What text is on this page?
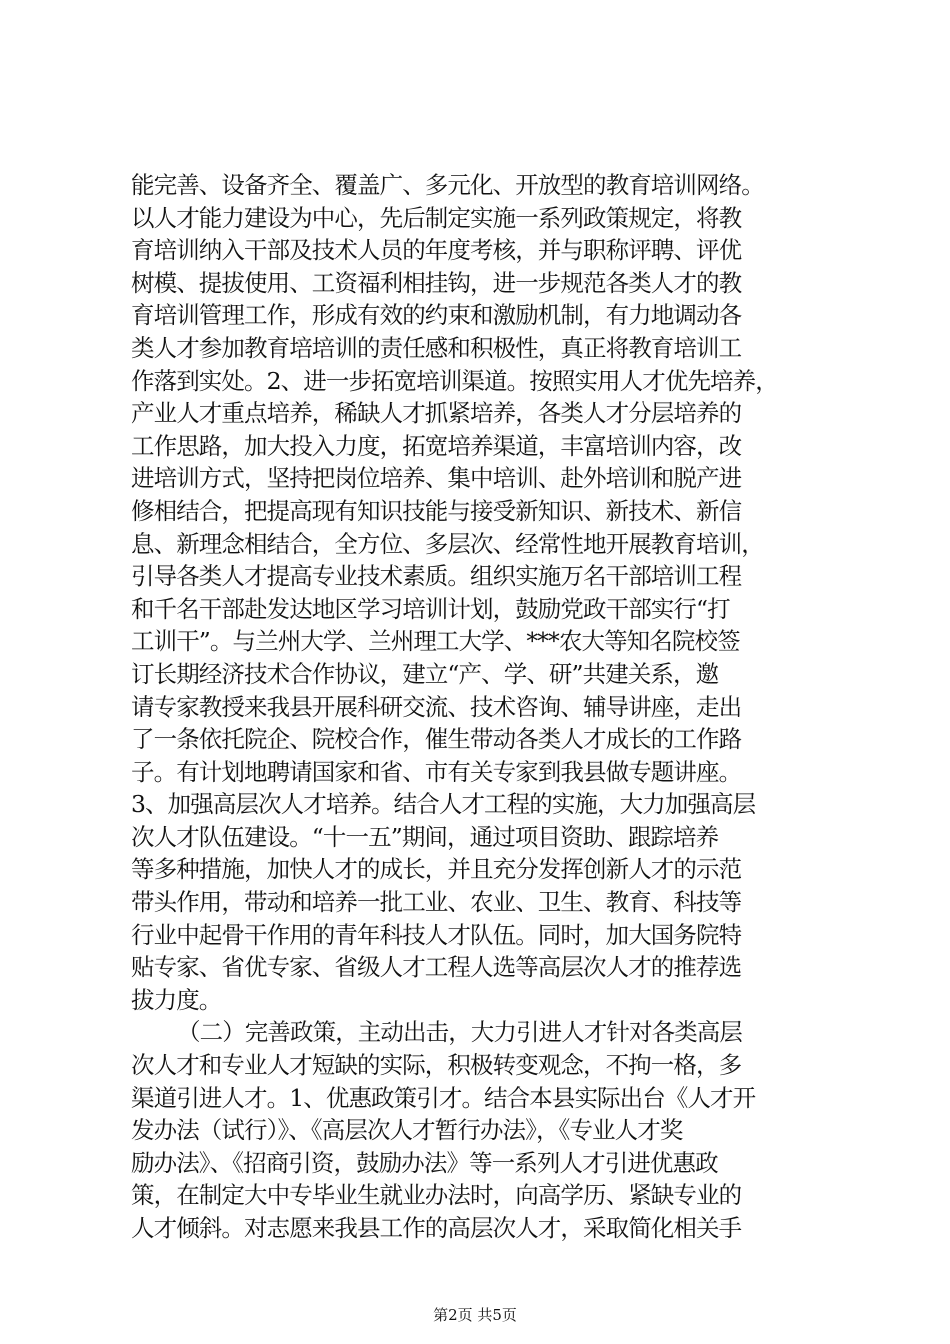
能完善、设备齐全、覆盖广、多元化、开放型的教育培训网络。
以人才能力建设为中心，先后制定实施一系列政策规定，将教
育培训纳入干部及技术人员的年度考核，并与职称评聘、评优
树模、提拔使用、工资福利相挂钩，进一步规范各类人才的教
育培训管理工作，形成有效的约束和激励机制，有力地调动各
类人才参加教育培培训的责任感和积极性，真正将教育培训工
作落到实处。2、进一步拓宽培训渠道。按照实用人才优先培养，
产业人才重点培养，稀缺人才抓紧培养，各类人才分层培养的
工作思路，加大投入力度，拓宽培养渠道，丰富培训内容，改
进培训方式，坚持把岗位培养、集中培训、赴外培训和脱产进
修相结合，把提高现有知识技能与接受新知识、新技术、新信
息、新理念相结合，全方位、多层次、经常性地开展教育培训，
引导各类人才提高专业技术素质。组织实施万名干部培训工程
和千名干部赴发达地区学习培训计划，鼓励党政干部实行“打
工训干”。与兰州大学、兰州理工大学、***农大等知名院校签
订长期经济技术合作协议，建立“产、学、研”共建关系，邀
请专家教授来我县开展科研交流、技术咨询、辅导讲座，走出
了一条依托院企、院校合作，催生带动各类人才成长的工作路
子。有计划地聘请国家和省、市有关专家到我县做专题讲座。
3、加强高层次人才培养。结合人才工程的实施，大力加强高层
次人才队伍建设。“十一五”期间，通过项目资助、跟踪培养
等多种措施，加快人才的成长，并且充分发挥创新人才的示范
带头作用，带动和培养一批工业、农业、卫生、教育、科技等
行业中起骨干作用的青年科技人才队伍。同时，加大国务院特
贴专家、省优专家、省级人才工程人选等高层次人才的推荐选
拔力度。
（二）完善政策，主动出击，大力引进人才针对各类高层
次人才和专业人才短缺的实际，积极转变观念，不拘一格，多
渠道引进人才。1、优惠政策引才。结合本县实际出台《人才开
发办法（试行）》、《高层次人才暂行办法》，《专业人才奖
励办法》、《招商引资，鼓励办法》等一系列人才引进优惠政
策，在制定大中专毕业生就业办法时，向高学历、紧缺专业的
人才倾斜。对志愿来我县工作的高层次人才，采取简化相关手
第2页 共5页
